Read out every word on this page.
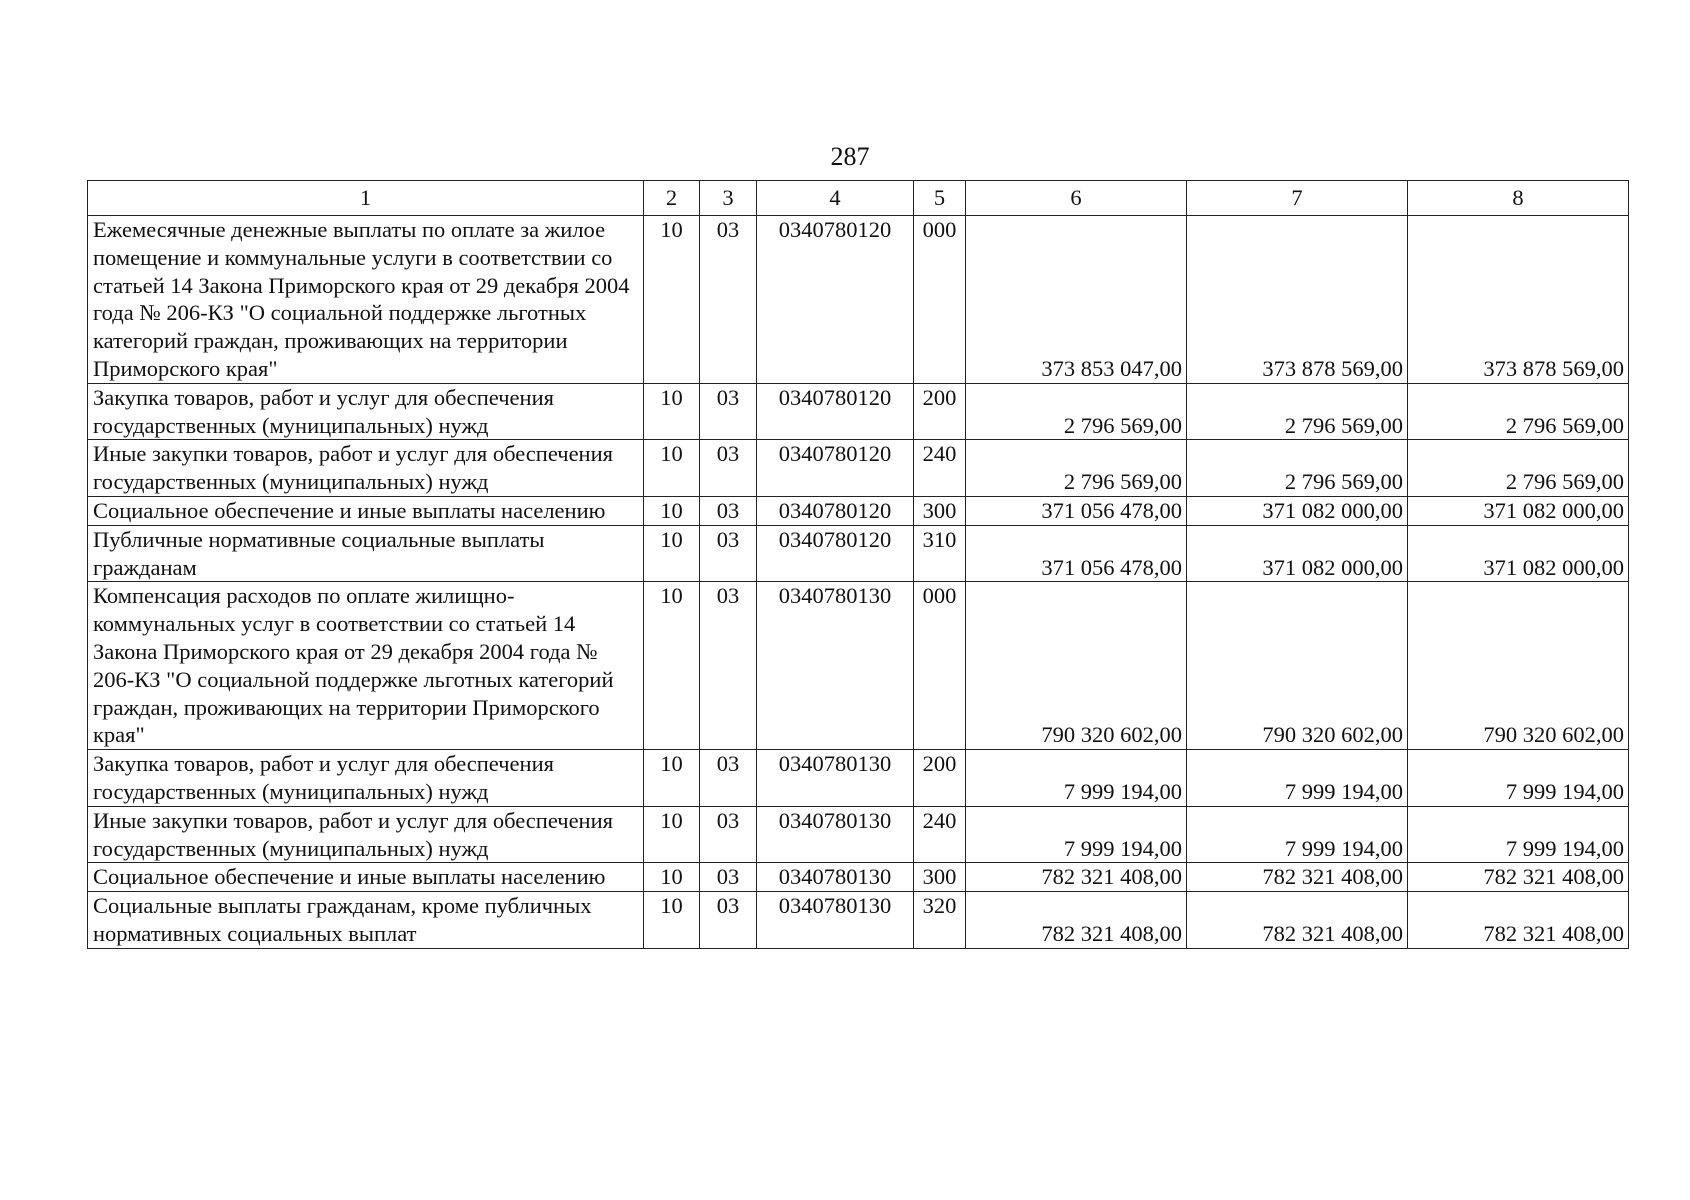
287
1	2	3	4	5	6	7	8
Ежемесячные денежные выплаты по оплате за жилое помещение и коммунальные услуги в соответствии со статьей 14 Закона Приморского края от 29 декабря 2004 года № 206-КЗ "О социальной поддержке льготных категорий граждан, проживающих на территории Приморского края"	10	03	0340780120	000	373 853 047,00	373 878 569,00	373 878 569,00
Закупка товаров, работ и услуг для обеспечения государственных (муниципальных) нужд	10	03	0340780120	200	2 796 569,00	2 796 569,00	2 796 569,00
Иные закупки товаров, работ и услуг для обеспечения государственных (муниципальных) нужд	10	03	0340780120	240	2 796 569,00	2 796 569,00	2 796 569,00
Социальное обеспечение и иные выплаты населению	10	03	0340780120	300	371 056 478,00	371 082 000,00	371 082 000,00
Публичные нормативные социальные выплаты гражданам	10	03	0340780120	310	371 056 478,00	371 082 000,00	371 082 000,00
Компенсация расходов по оплате жилищно-коммунальных услуг в соответствии со статьей 14 Закона Приморского края от 29 декабря 2004 года № 206-КЗ "О социальной поддержке льготных категорий граждан, проживающих на территории Приморского края"	10	03	0340780130	000	790 320 602,00	790 320 602,00	790 320 602,00
Закупка товаров, работ и услуг для обеспечения государственных (муниципальных) нужд	10	03	0340780130	200	7 999 194,00	7 999 194,00	7 999 194,00
Иные закупки товаров, работ и услуг для обеспечения государственных (муниципальных) нужд	10	03	0340780130	240	7 999 194,00	7 999 194,00	7 999 194,00
Социальное обеспечение и иные выплаты населению	10	03	0340780130	300	782 321 408,00	782 321 408,00	782 321 408,00
Социальные выплаты гражданам, кроме публичных нормативных социальных выплат	10	03	0340780130	320	782 321 408,00	782 321 408,00	782 321 408,00
